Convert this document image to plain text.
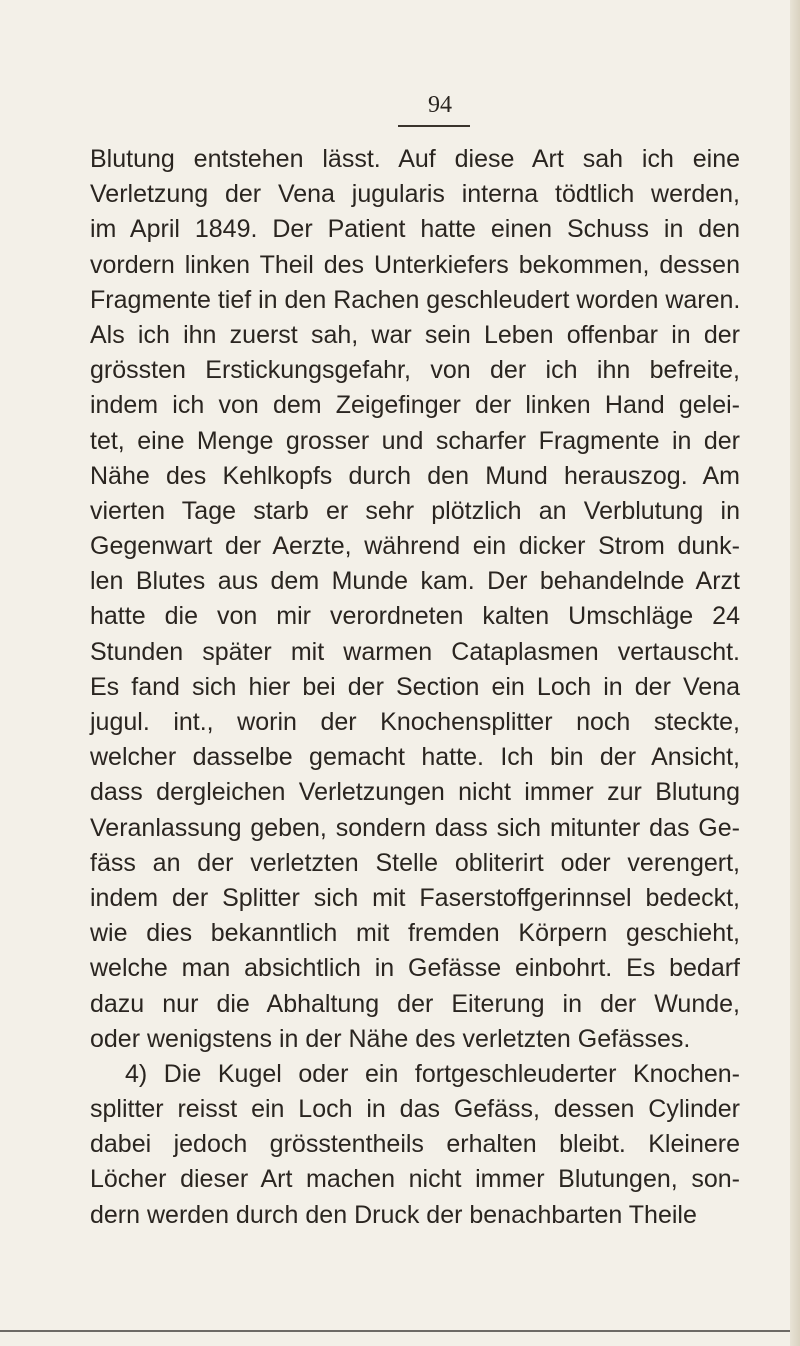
94
Blutung entstehen lässt. Auf diese Art sah ich eine
Verletzung der Vena jugularis interna tödtlich werden,
im April 1849. Der Patient hatte einen Schuss in den
vordern linken Theil des Unterkiefers bekommen, dessen
Fragmente tief in den Rachen geschleudert worden waren.
Als ich ihn zuerst sah, war sein Leben offenbar in der
grössten Erstickungsgefahr, von der ich ihn befreite,
indem ich von dem Zeigefinger der linken Hand gelei-
tet, eine Menge grosser und scharfer Fragmente in der
Nähe des Kehlkopfs durch den Mund herauszog. Am
vierten Tage starb er sehr plötzlich an Verblutung in
Gegenwart der Aerzte, während ein dicker Strom dunk-
len Blutes aus dem Munde kam. Der behandelnde Arzt
hatte die von mir verordneten kalten Umschläge 24
Stunden später mit warmen Cataplasmen vertauscht.
Es fand sich hier bei der Section ein Loch in der Vena
jugul. int., worin der Knochensplitter noch steckte,
welcher dasselbe gemacht hatte. Ich bin der Ansicht,
dass dergleichen Verletzungen nicht immer zur Blutung
Veranlassung geben, sondern dass sich mitunter das Ge-
fäss an der verletzten Stelle obliterirt oder verengert,
indem der Splitter sich mit Faserstoffgerinnsel bedeckt,
wie dies bekanntlich mit fremden Körpern geschieht,
welche man absichtlich in Gefässe einbohrt. Es bedarf
dazu nur die Abhaltung der Eiterung in der Wunde,
oder wenigstens in der Nähe des verletzten Gefässes.
4) Die Kugel oder ein fortgeschleuderter Knochen-
splitter reisst ein Loch in das Gefäss, dessen Cylinder
dabei jedoch grösstentheils erhalten bleibt. Kleinere
Löcher dieser Art machen nicht immer Blutungen, son-
dern werden durch den Druck der benachbarten Theile
